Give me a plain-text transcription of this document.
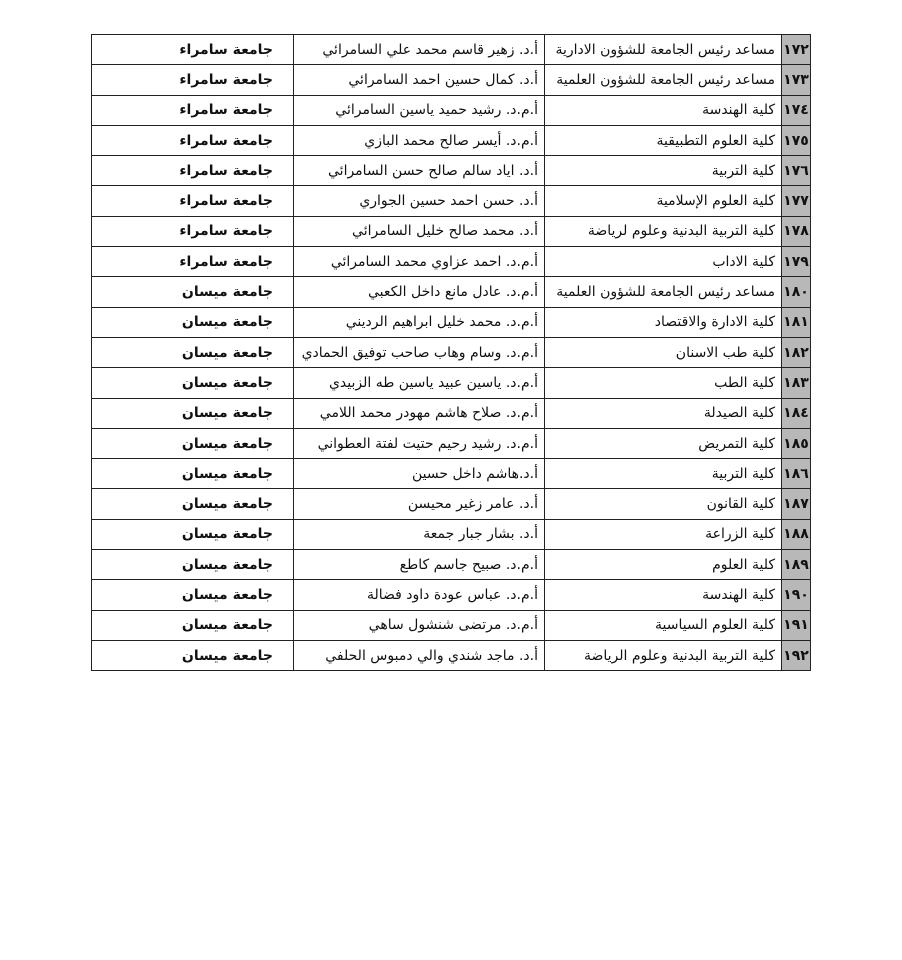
١٧٢	مساعد رئيس الجامعة للشؤون الادارية	أ.د. زهير قاسم محمد علي السامرائي	جامعة سامراء
١٧٣	مساعد رئيس الجامعة للشؤون العلمية	أ.د. كمال حسين احمد السامرائي	جامعة سامراء
١٧٤	كلية الهندسة	أ.م.د. رشيد حميد ياسين السامرائي	جامعة سامراء
١٧٥	كلية العلوم التطبيقية	أ.م.د. أيسر صالح محمد البازي	جامعة سامراء
١٧٦	كلية التربية	أ.د. اياد سالم صالح حسن السامرائي	جامعة سامراء
١٧٧	كلية العلوم الإسلامية	أ.د. حسن احمد حسين الجواري	جامعة سامراء
١٧٨	كلية التربية البدنية وعلوم لرياضة	أ.د. محمد صالح خليل السامرائي	جامعة سامراء
١٧٩	كلية الاداب	أ.م.د. احمد عزاوي محمد السامرائي	جامعة سامراء
١٨٠	مساعد رئيس الجامعة للشؤون العلمية	أ.م.د. عادل مانع داخل الكعبي	جامعة ميسان
١٨١	كلية الادارة والاقتصاد	أ.م.د. محمد خليل ابراهيم الرديني	جامعة ميسان
١٨٢	كلية طب الاسنان	أ.م.د. وسام وهاب صاحب توفيق الحمادي	جامعة ميسان
١٨٣	كلية الطب	أ.م.د. ياسين عبيد ياسين طه الزبيدي	جامعة ميسان
١٨٤	كلية الصيدلة	أ.م.د. صلاح هاشم مهودر محمد اللامي	جامعة ميسان
١٨٥	كلية التمريض	أ.م.د. رشيد رحيم حتيت لفتة العطواني	جامعة ميسان
١٨٦	كلية التربية	أ.د.هاشم داخل حسين	جامعة ميسان
١٨٧	كلية القانون	أ.د. عامر زغير محيسن	جامعة ميسان
١٨٨	كلية الزراعة	أ.د. بشار جبار جمعة	جامعة ميسان
١٨٩	كلية العلوم	أ.م.د. صبيح جاسم كاطع	جامعة ميسان
١٩٠	كلية الهندسة	أ.م.د. عباس عودة داود فضالة	جامعة ميسان
١٩١	كلية العلوم السياسية	أ.م.د. مرتضى شنشول ساهي	جامعة ميسان
١٩٢	كلية التربية البدنية وعلوم الرياضة	أ.د. ماجد شندي والي دمبوس الحلفي	جامعة ميسان
